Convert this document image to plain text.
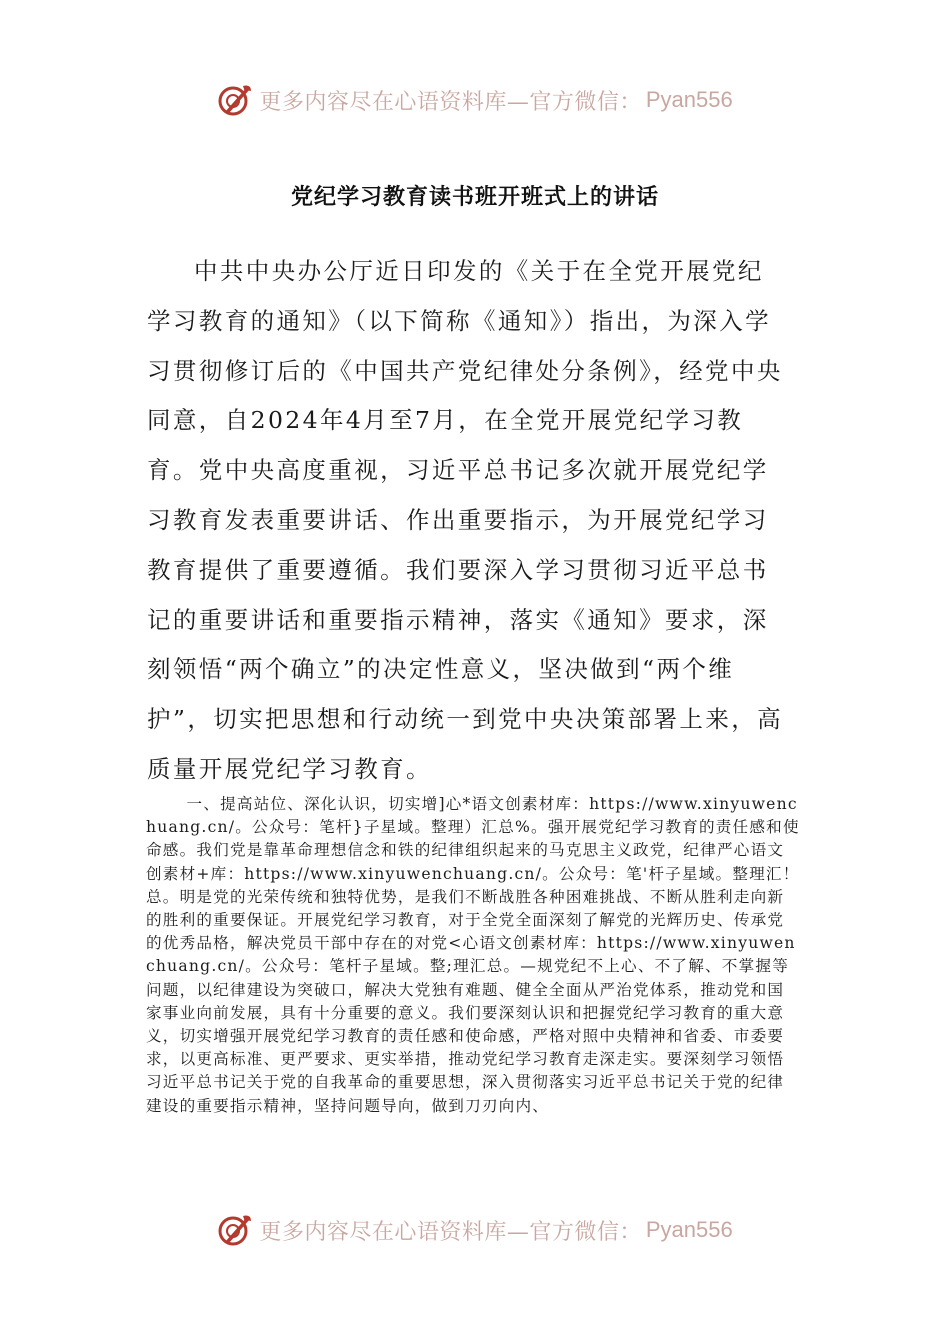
更多内容尽在心语资料库—官方微信： Pyan556
党纪学习教育读书班开班式上的讲话

中共中央办公厅近日印发的《关于在全党开展党纪学习教育的通知》（以下简称《通知》）指出，为深入学习贯彻修订后的《中国共产党纪律处分条例》，经党中央同意，自2024年4月至7月，在全党开展党纪学习教育。党中央高度重视，习近平总书记多次就开展党纪学习教育发表重要讲话、作出重要指示，为开展党纪学习教育提供了重要遵循。我们要深入学习贯彻习近平总书记的重要讲话和重要指示精神，落实《通知》要求，深刻领悟“两个确立”的决定性意义，坚决做到“两个维护”，切实把思想和行动统一到党中央决策部署上来，高质量开展党纪学习教育。

一、提高站位、深化认识，切实增]心*语文创素材库：https://www.xinyuwenchuang.cn/。公众号：笔杆}子星域。整理）汇总%。强开展党纪学习教育的责任感和使命感。我们党是靠革命理想信念和铁的纪律组织起来的马克思主义政党，纪律严心语文创素材+库：https://www.xinyuwenchuang.cn/。公众号：笔'杆子星域。整理汇！总。明是党的光荣传统和独特优势，是我们不断战胜各种困难挑战、不断从胜利走向新的胜利的重要保证。开展党纪学习教育，对于全党全面深刻了解党的光辉历史、传承党的优秀品格，解决党员干部中存在的对党<心语文创素材库：https://www.xinyuwenchuang.cn/。公众号：笔杆子星域。整;理汇总。—规党纪不上心、不了解、不掌握等问题，以纪律建设为突破口，解决大党独有难题、健全全面从严治党体系，推动党和国家事业向前发展，具有十分重要的意义。我们要深刻认识和把握党纪学习教育的重大意义，切实增强开展党纪学习教育的责任感和使命感，严格对照中央精神和省委、市委要求，以更高标准、更严要求、更实举措，推动党纪学习教育走深走实。要深刻学习领悟习近平总书记关于党的自我革命的重要思想，深入贯彻落实习近平总书记关于党的纪律建设的重要指示精神，坚持问题导向，做到刀刃向内、

更多内容尽在心语资料库—官方微信： Pyan556
